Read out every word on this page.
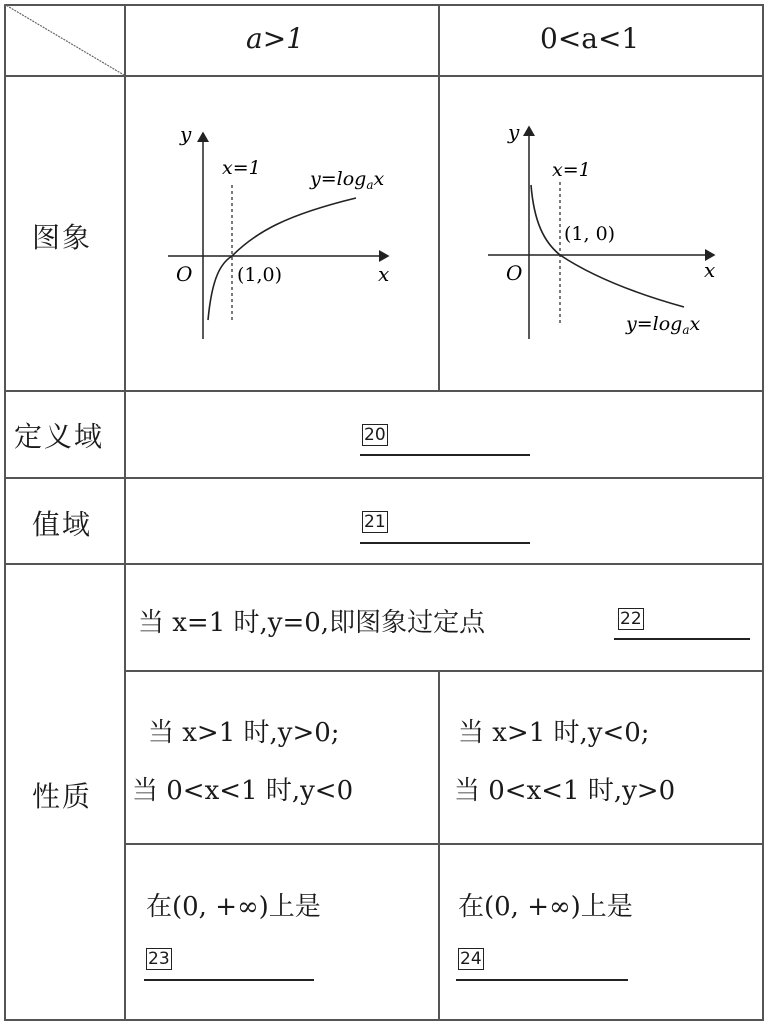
a>1	0<a<1
图象
定义域
值域
性质
y
x
O
x=1
(1,0)
$y=\log_ax$
y
x
O
x=1
(1, 0)
$y=\log_ax$
20
21
当 x=1 时,y=0,即图象过定点	22
当 x>1 时,y>0;
当 0<x<1 时,y<0
当 x>1 时,y<0;
当 0<x<1 时,y>0
在(0, +∞)上是
23
在(0, +∞)上是
24
